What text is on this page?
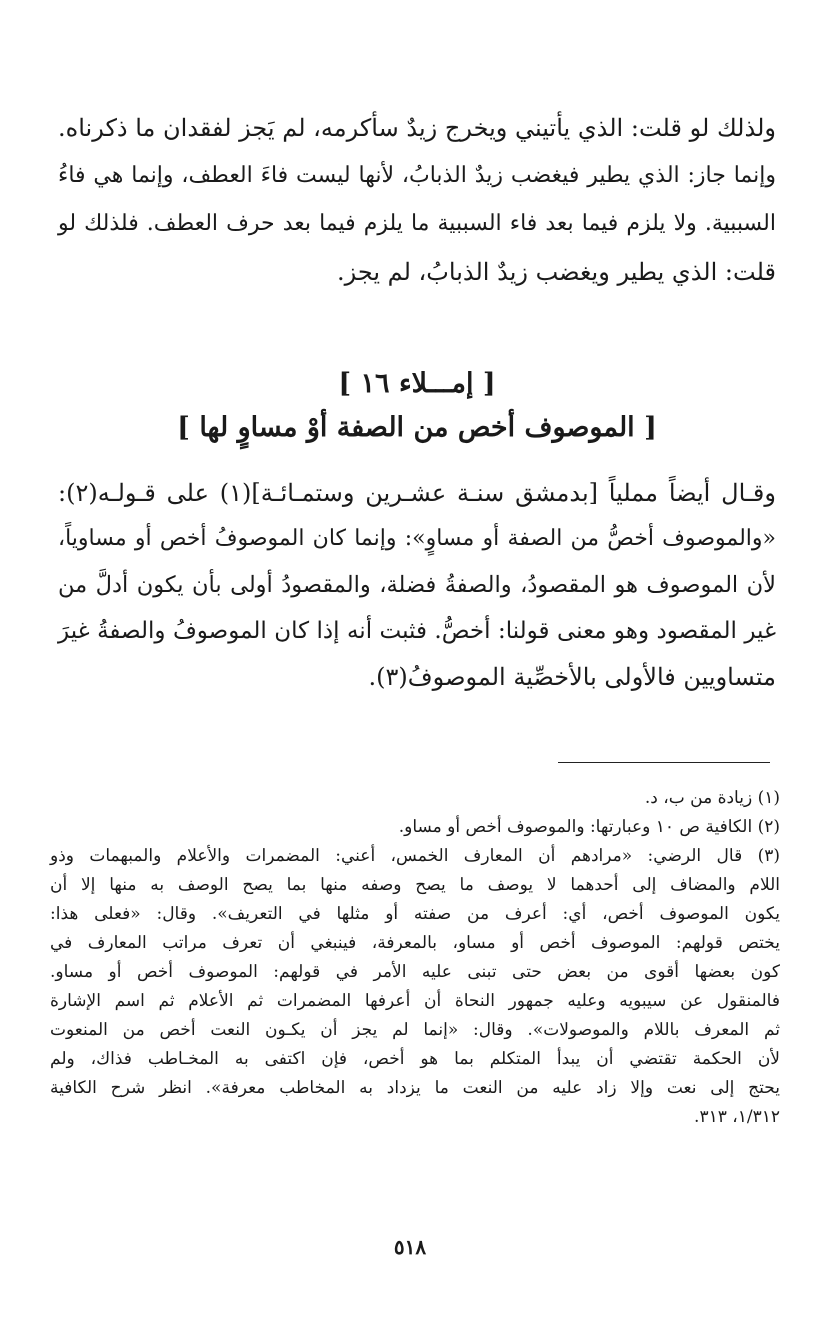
ولذلك لو قلت: الذي يأتيني ويخرج زيدٌ سأكرمه، لم يَجز لفقدان ما ذكرناه.
وإنما جاز: الذي يطير فيغضب زيدٌ الذبابُ، لأنها ليست فاءَ العطف، وإنما هي فاءُ
السببية. ولا يلزم فيما بعد فاء السببية ما يلزم فيما بعد حرف العطف. فلذلك لو
قلت: الذي يطير ويغضب زيدٌ الذبابُ، لم يجز.
[ إمـــلاء ١٦ ]
[ الموصوف أخص من الصفة أوْ مساوٍ لها ]
وقـال أيضاً مملياً [بدمشق سنـة عشـرين وستمـائـة](١) على قـولـه(٢):
«والموصوف أخصُّ من الصفة أو مساوٍ»: وإنما كان الموصوفُ أخص أو مساوياً،
لأن الموصوف هو المقصودُ، والصفةُ فضلة، والمقصودُ أولى بأن يكون أدلَّ من
غير المقصود وهو معنى قولنا: أخصُّ. فثبت أنه إذا كان الموصوفُ والصفةُ غيرَ
متساويين فالأولى بالأخصِّية الموصوفُ(٣).
(١) زيادة من ب، د.
(٢) الكافية ص ١٠ وعبارتها: والموصوف أخص أو مساو.
(٣) قال الرضي: «مرادهم أن المعارف الخمس، أعني: المضمرات والأعلام والمبهمات وذو
اللام والمضاف إلى أحدهما لا يوصف ما يصح وصفه منها بما يصح الوصف به منها إلا أن
يكون الموصوف أخص، أي: أعرف من صفته أو مثلها في التعريف». وقال: «فعلى هذا:
يختص قولهم: الموصوف أخص أو مساو، بالمعرفة، فينبغي أن تعرف مراتب المعارف في
كون بعضها أقوى من بعض حتى تبنى عليه الأمر في قولهم: الموصوف أخص أو مساو.
فالمنقول عن سيبويه وعليه جمهور النحاة أن أعرفها المضمرات ثم الأعلام ثم اسم الإشارة
ثم المعرف باللام والموصولات». وقال: «إنما لم يجز أن يكـون النعت أخص من المنعوت
لأن الحكمة تقتضي أن يبدأ المتكلم بما هو أخص، فإن اكتفى به المخـاطب فذاك، ولم
يحتج إلى نعت وإلا زاد عليه من النعت ما يزداد به المخاطب معرفة». انظر شرح الكافية
١/٣١٢، ٣١٣.
٥١٨
